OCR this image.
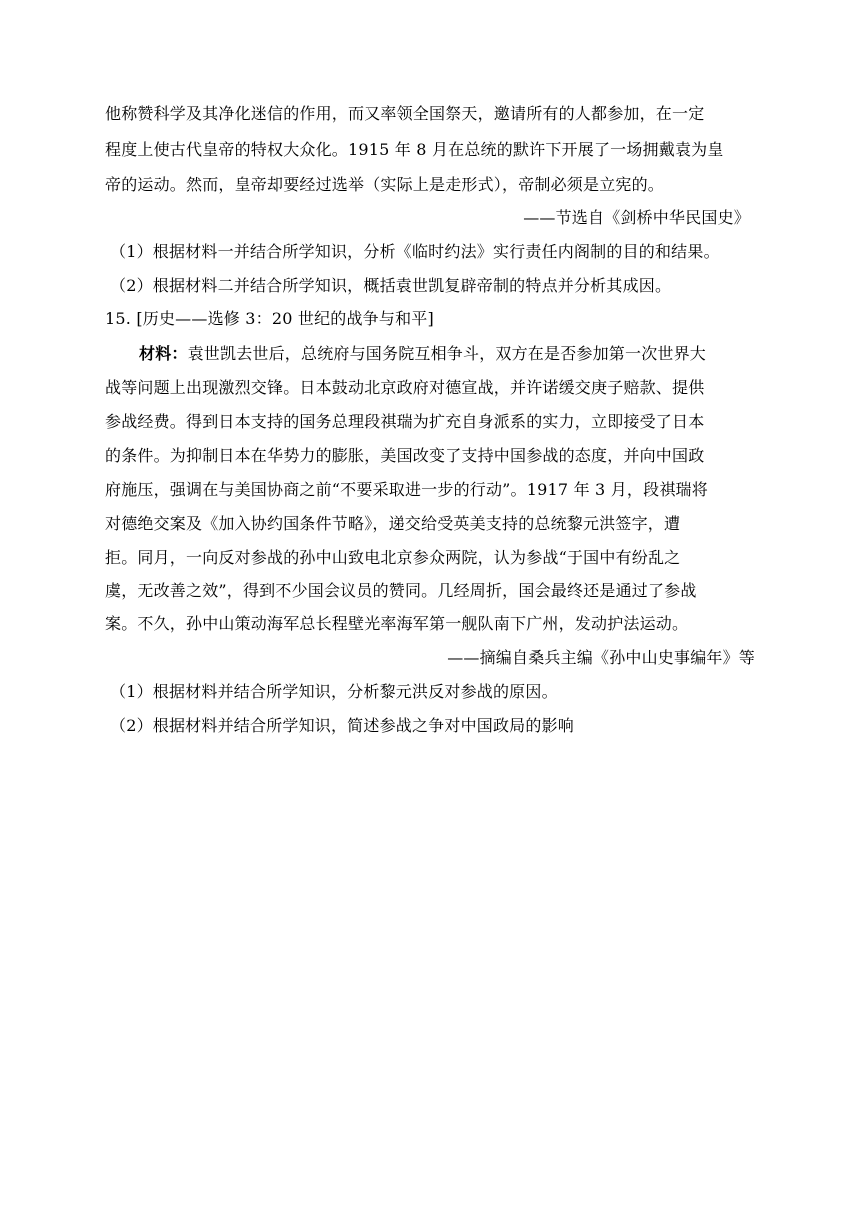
他称赞科学及其净化迷信的作用，而又率领全国祭天，邀请所有的人都参加，在一定
程度上使古代皇帝的特权大众化。1915 年 8 月在总统的默许下开展了一场拥戴袁为皇
帝的运动。然而，皇帝却要经过选举（实际上是走形式），帝制必须是立宪的。
——节选自《剑桥中华民国史》
（1）根据材料一并结合所学知识，分析《临时约法》实行责任内阁制的目的和结果。
（2）根据材料二并结合所学知识，概括袁世凯复辟帝制的特点并分析其成因。
15. [历史——选修 3：20 世纪的战争与和平]
材料：袁世凯去世后，总统府与国务院互相争斗，双方在是否参加第一次世界大
战等问题上出现激烈交锋。日本鼓动北京政府对德宣战，并许诺缓交庚子赔款、提供
参战经费。得到日本支持的国务总理段祺瑞为扩充自身派系的实力，立即接受了日本
的条件。为抑制日本在华势力的膨胀，美国改变了支持中国参战的态度，并向中国政
府施压，强调在与美国协商之前“不要采取进一步的行动”。1917 年 3 月，段祺瑞将
对德绝交案及《加入协约国条件节略》，递交给受英美支持的总统黎元洪签字，遭
拒。同月，一向反对参战的孙中山致电北京参众两院，认为参战“于国中有纷乱之
虞，无改善之效”，得到不少国会议员的赞同。几经周折，国会最终还是通过了参战
案。不久，孙中山策动海军总长程壁光率海军第一舰队南下广州，发动护法运动。
——摘编自桑兵主编《孙中山史事编年》等
（1）根据材料并结合所学知识，分析黎元洪反对参战的原因。
（2）根据材料并结合所学知识，简述参战之争对中国政局的影响
